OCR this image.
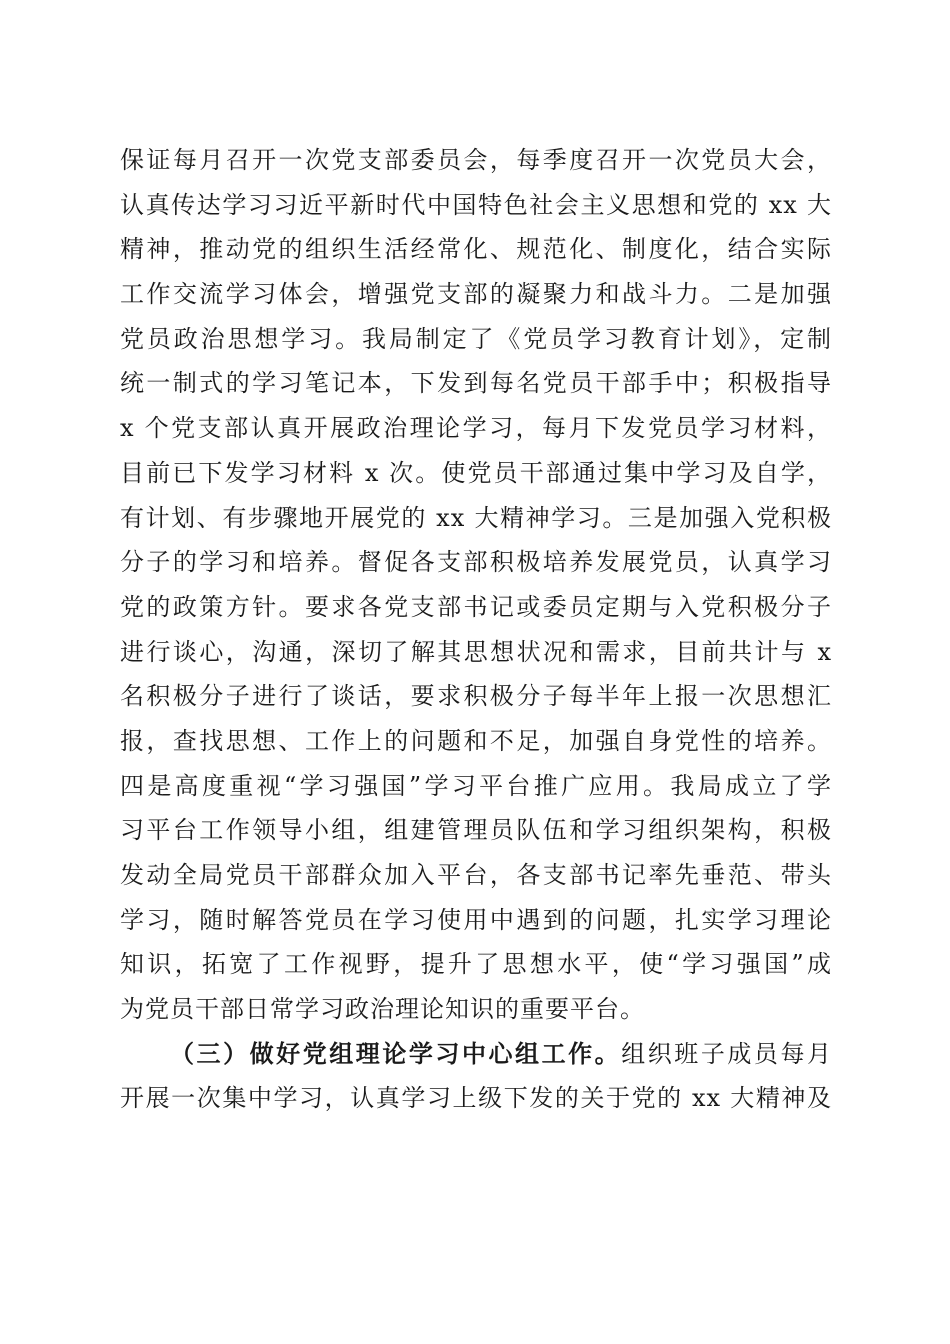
保证每月召开一次党支部委员会，每季度召开一次党员大会，
认真传达学习习近平新时代中国特色社会主义思想和党的 xx 大
精神，推动党的组织生活经常化、规范化、制度化，结合实际
工作交流学习体会，增强党支部的凝聚力和战斗力。二是加强
党员政治思想学习。我局制定了《党员学习教育计划》，定制
统一制式的学习笔记本，下发到每名党员干部手中；积极指导
x 个党支部认真开展政治理论学习，每月下发党员学习材料，
目前已下发学习材料 x 次。使党员干部通过集中学习及自学，
有计划、有步骤地开展党的 xx 大精神学习。三是加强入党积极
分子的学习和培养。督促各支部积极培养发展党员，认真学习
党的政策方针。要求各党支部书记或委员定期与入党积极分子
进行谈心，沟通，深切了解其思想状况和需求，目前共计与 x
名积极分子进行了谈话，要求积极分子每半年上报一次思想汇
报，查找思想、工作上的问题和不足，加强自身党性的培养。
四是高度重视“学习强国”学习平台推广应用。我局成立了学
习平台工作领导小组，组建管理员队伍和学习组织架构，积极
发动全局党员干部群众加入平台，各支部书记率先垂范、带头
学习，随时解答党员在学习使用中遇到的问题，扎实学习理论
知识，拓宽了工作视野，提升了思想水平，使“学习强国”成
为党员干部日常学习政治理论知识的重要平台。
（三）做好党组理论学习中心组工作。组织班子成员每月
开展一次集中学习，认真学习上级下发的关于党的 xx 大精神及
